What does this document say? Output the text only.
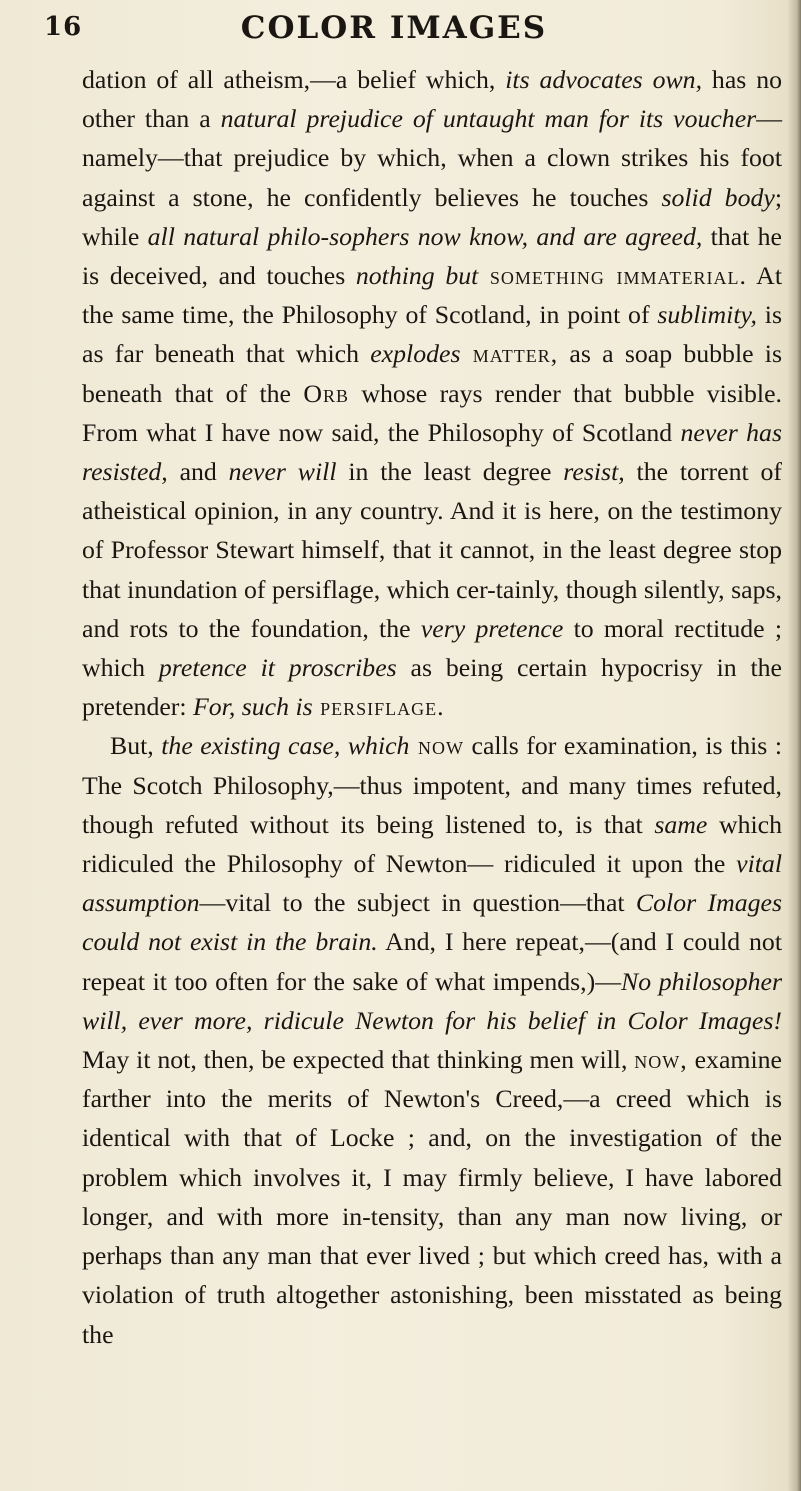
16	COLOR IMAGES

dation of all atheism,—a belief which, its advocates own, has no other than a natural prejudice of untaught man for its voucher—namely—that prejudice by which, when a clown strikes his foot against a stone, he confidently believes he touches solid body; while all natural philo-sophers now know, and are agreed, that he is deceived, and touches nothing but something immaterial. At the same time, the Philosophy of Scotland, in point of sublimity, is as far beneath that which explodes matter, as a soap bubble is beneath that of the Orb whose rays render that bubble visible. From what I have now said, the Philosophy of Scotland never has resisted, and never will in the least degree resist, the torrent of atheistical opinion, in any country. And it is here, on the testimony of Professor Stewart himself, that it cannot, in the least degree stop that inundation of persiflage, which cer-tainly, though silently, saps, and rots to the foundation, the very pretence to moral rectitude ; which pretence it proscribes as being certain hypocrisy in the pretender: For, such is persiflage.

But, the existing case, which now calls for examination, is this : The Scotch Philosophy,—thus impotent, and many times refuted, though refuted without its being listened to, is that same which ridiculed the Philosophy of Newton— ridiculed it upon the vital assumption—vital to the subject in question—that Color Images could not exist in the brain. And, I here repeat,—(and I could not repeat it too often for the sake of what impends,)—No philosopher will, ever more, ridicule Newton for his belief in Color Images! May it not, then, be expected that thinking men will, now, examine farther into the merits of Newton's Creed,—a creed which is identical with that of Locke ; and, on the investigation of the problem which involves it, I may firmly believe, I have labored longer, and with more in-tensity, than any man now living, or perhaps than any man that ever lived ; but which creed has, with a violation of truth altogether astonishing, been misstated as being the
